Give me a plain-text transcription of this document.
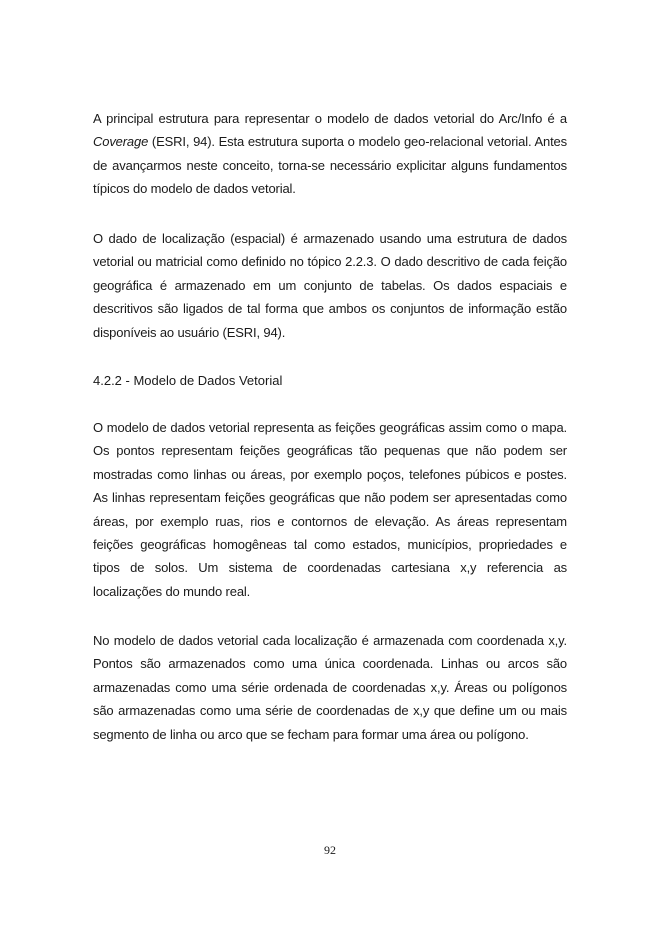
A principal estrutura para representar o modelo de dados vetorial do Arc/Info é a Coverage (ESRI, 94). Esta estrutura suporta o modelo geo-relacional vetorial. Antes de avançarmos neste conceito, torna-se necessário explicitar alguns fundamentos típicos do modelo de dados vetorial.

O dado de localização (espacial) é armazenado usando uma estrutura de dados vetorial ou matricial como definido no tópico 2.2.3. O dado descritivo de cada feição geográfica é armazenado em um conjunto de tabelas. Os dados espaciais e descritivos são ligados de tal forma que ambos os conjuntos de informação estão disponíveis ao usuário (ESRI, 94).

4.2.2 - Modelo de Dados Vetorial

O modelo de dados vetorial representa as feições geográficas assim como o mapa. Os pontos representam feições geográficas tão pequenas que não podem ser mostradas como linhas ou áreas, por exemplo poços, telefones púbicos e postes. As linhas representam feições geográficas que não podem ser apresentadas como áreas, por exemplo ruas, rios e contornos de elevação. As áreas representam feições geográficas homogêneas tal como estados, municípios, propriedades e tipos de solos. Um sistema de coordenadas cartesiana x,y referencia as localizações do mundo real.

No modelo de dados vetorial cada localização é armazenada com coordenada x,y. Pontos são armazenados como uma única coordenada. Linhas ou arcos são armazenadas como uma série ordenada de coordenadas x,y. Áreas ou polígonos são armazenadas como uma série de coordenadas de x,y que define um ou mais segmento de linha ou arco que se fecham para formar uma área ou polígono.

92
